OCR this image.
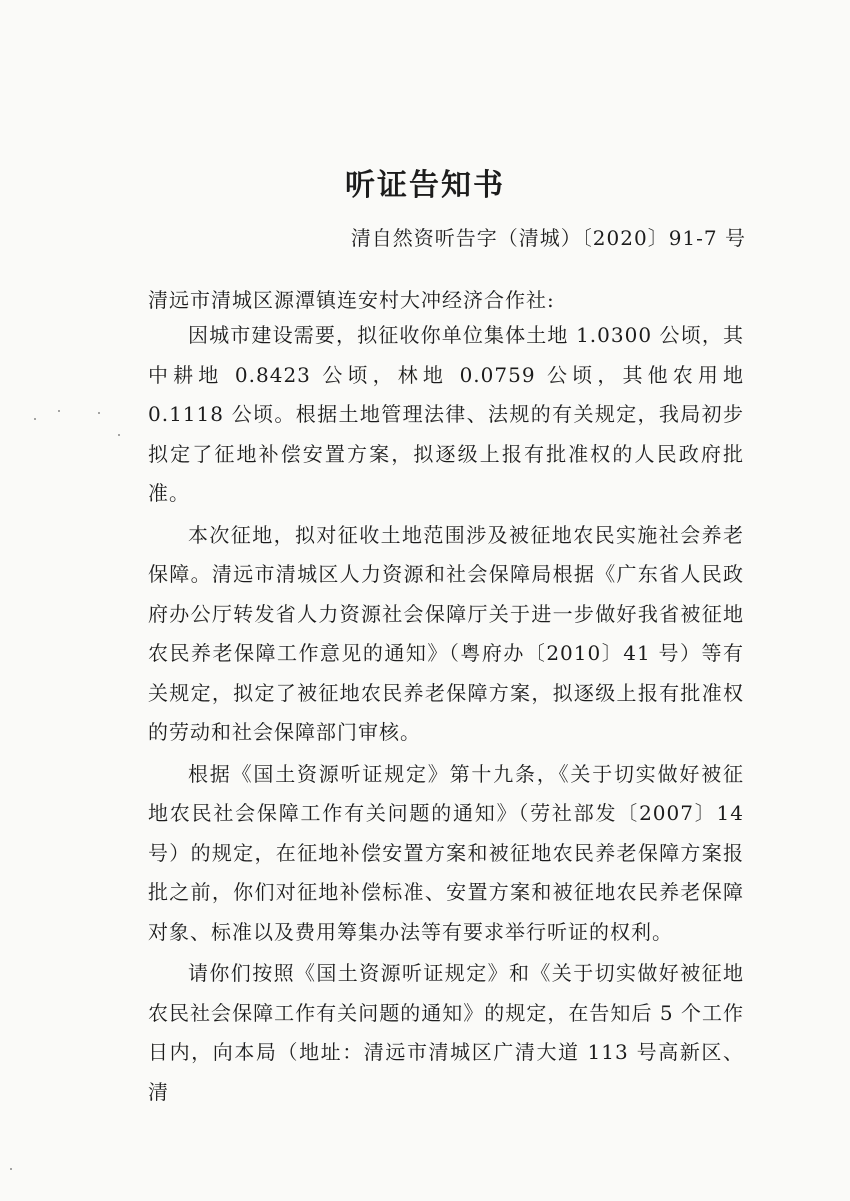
听证告知书
清自然资听告字（清城）〔2020〕91-7 号
清远市清城区源潭镇连安村大冲经济合作社:

因城市建设需要，拟征收你单位集体土地 1.0300 公顷，其中耕地 0.8423 公顷，林地 0.0759 公顷，其他农用地 0.1118 公顷。根据土地管理法律、法规的有关规定，我局初步拟定了征地补偿安置方案，拟逐级上报有批准权的人民政府批准。

本次征地，拟对征收土地范围涉及被征地农民实施社会养老保障。清远市清城区人力资源和社会保障局根据《广东省人民政府办公厅转发省人力资源社会保障厅关于进一步做好我省被征地农民养老保障工作意见的通知》（粤府办〔2010〕41 号）等有关规定，拟定了被征地农民养老保障方案，拟逐级上报有批准权的劳动和社会保障部门审核。

根据《国土资源听证规定》第十九条，《关于切实做好被征地农民社会保障工作有关问题的通知》（劳社部发〔2007〕14 号）的规定，在征地补偿安置方案和被征地农民养老保障方案报批之前，你们对征地补偿标准、安置方案和被征地农民养老保障对象、标准以及费用筹集办法等有要求举行听证的权利。

请你们按照《国土资源听证规定》和《关于切实做好被征地农民社会保障工作有关问题的通知》的规定，在告知后 5 个工作日内，向本局（地址：清远市清城区广清大道 113 号高新区、清
